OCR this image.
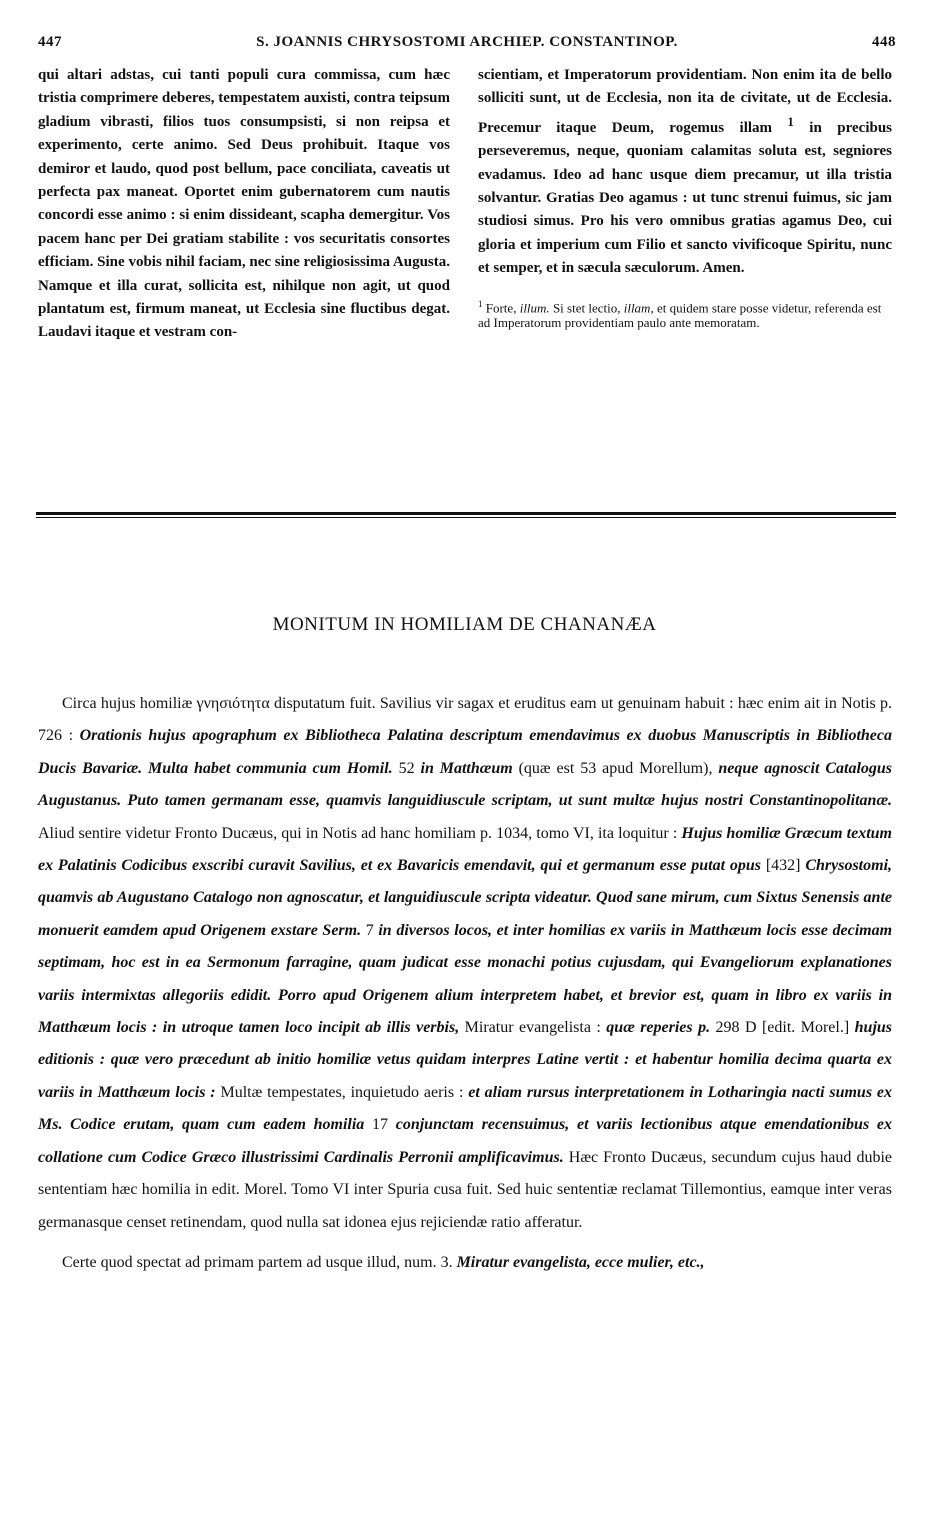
447	S. JOANNIS CHRYSOSTOMI ARCHIEP. CONSTANTINOP.	448

qui altari adstas, cui tanti populi cura commissa, cum hæc tristia comprimere deberes, tempestatem auxisti, contra teipsum gladium vibrasti, filios tuos consumpsisti, si non reipsa et experimento, certe animo. Sed Deus prohibuit. Itaque vos demiror et laudo, quod post bellum, pace conciliata, caveatis ut perfecta pax maneat. Oportet enim gubernatorem cum nautis concordi esse animo : si enim dissideant, scapha demergitur. Vos pacem hanc per Dei gratiam stabilite : vos securitatis consortes efficiam. Sine vobis nihil faciam, nec sine religiosissima Augusta. Namque et illa curat, sollicita est, nihilque non agit, ut quod plantatum est, firmum maneat, ut Ecclesia sine fluctibus degat. Laudavi itaque et vestram con-

scientiam, et Imperatorum providentiam. Non enim ita de bello solliciti sunt, ut de Ecclesia, non ita de civitate, ut de Ecclesia. Precemur itaque Deum, rogemus illam $^1$ in precibus perseveremus, neque, quoniam calamitas soluta est, segniores evadamus. Ideo ad hanc usque diem precamur, ut illa tristia solvantur. Gratias Deo agamus : ut tunc strenui fuimus, sic jam studiosi simus. Pro his vero omnibus gratias agamus Deo, cui gloria et imperium cum Filio et sancto vivificoque Spiritu, nunc et semper, et in sæcula sæculorum. Amen.

$^1$ Forte, illum. Si stet lectio, illam, et quidem stare posse videtur, referenda est ad Imperatorum providentiam paulo ante memoratam.
MONITUM IN HOMILIAM DE CHANANÆA

Circa hujus homiliæ γνησιότητα disputatum fuit. Savilius vir sagax et eruditus eam ut genuinam habuit : hæc enim ait in Notis p. 726 : Orationis hujus apographum ex Bibliotheca Palatina descriptum emendavimus ex duobus Manuscriptis in Bibliotheca Ducis Bavariæ. Multa habet communia cum Homil. 52 in Matthæum (quæ est 53 apud Morellum), neque agnoscit Catalogus Augustanus. Puto tamen germanam esse, quamvis languidiuscule scriptam, ut sunt multæ hujus nostri Constantinopolitanæ. Aliud sentire videtur Fronto Ducæus, qui in Notis ad hanc homiliam p. 1034, tomo VI, ita loquitur : Hujus homiliæ Græcum textum ex Palatinis Codicibus exscribi curavit Savilius, et ex Bavaricis emendavit, qui et germanum esse putat opus [432] Chrysostomi, quamvis ab Augustano Catalogo non agnoscatur, et languidiuscule scripta videatur. Quod sane mirum, cum Sixtus Senensis ante monuerit eamdem apud Origenem exstare Serm. 7 in diversos locos, et inter homilias ex variis in Matthæum locis esse decimam septimam, hoc est in ea Sermonum farragine, quam judicat esse monachi potius cujusdam, qui Evangeliorum explanationes variis intermixtas allegoriis edidit. Porro apud Origenem alium interpretem habet, et brevior est, quam in libro ex variis in Matthæum locis : in utroque tamen loco incipit ab illis verbis, Miratur evangelista : quæ reperies p. 298 D [edit. Morel.] hujus editionis : quæ vero præcedunt ab initio homiliæ vetus quidam interpres Latine vertit : et habentur homilia decima quarta ex variis in Matthæum locis : Multæ tempestates, inquietudo aeris : et aliam rursus interpretationem in Lotharingia nacti sumus ex Ms. Codice erutam, quam cum eadem homilia 17 conjunctam recensuimus, et variis lectionibus atque emendationibus ex collatione cum Codice Græco illustrissimi Cardinalis Perronii amplificavimus. Hæc Fronto Ducæus, secundum cujus haud dubie sententiam hæc homilia in edit. Morel. Tomo VI inter Spuria cusa fuit. Sed huic sententiæ reclamat Tillemontius, eamque inter veras germanasque censet retinendam, quod nulla sat idonea ejus rejiciendæ ratio afferatur.

Certe quod spectat ad primam partem ad usque illud, num. 3. Miratur evangelista, ecce mulier, etc.,
